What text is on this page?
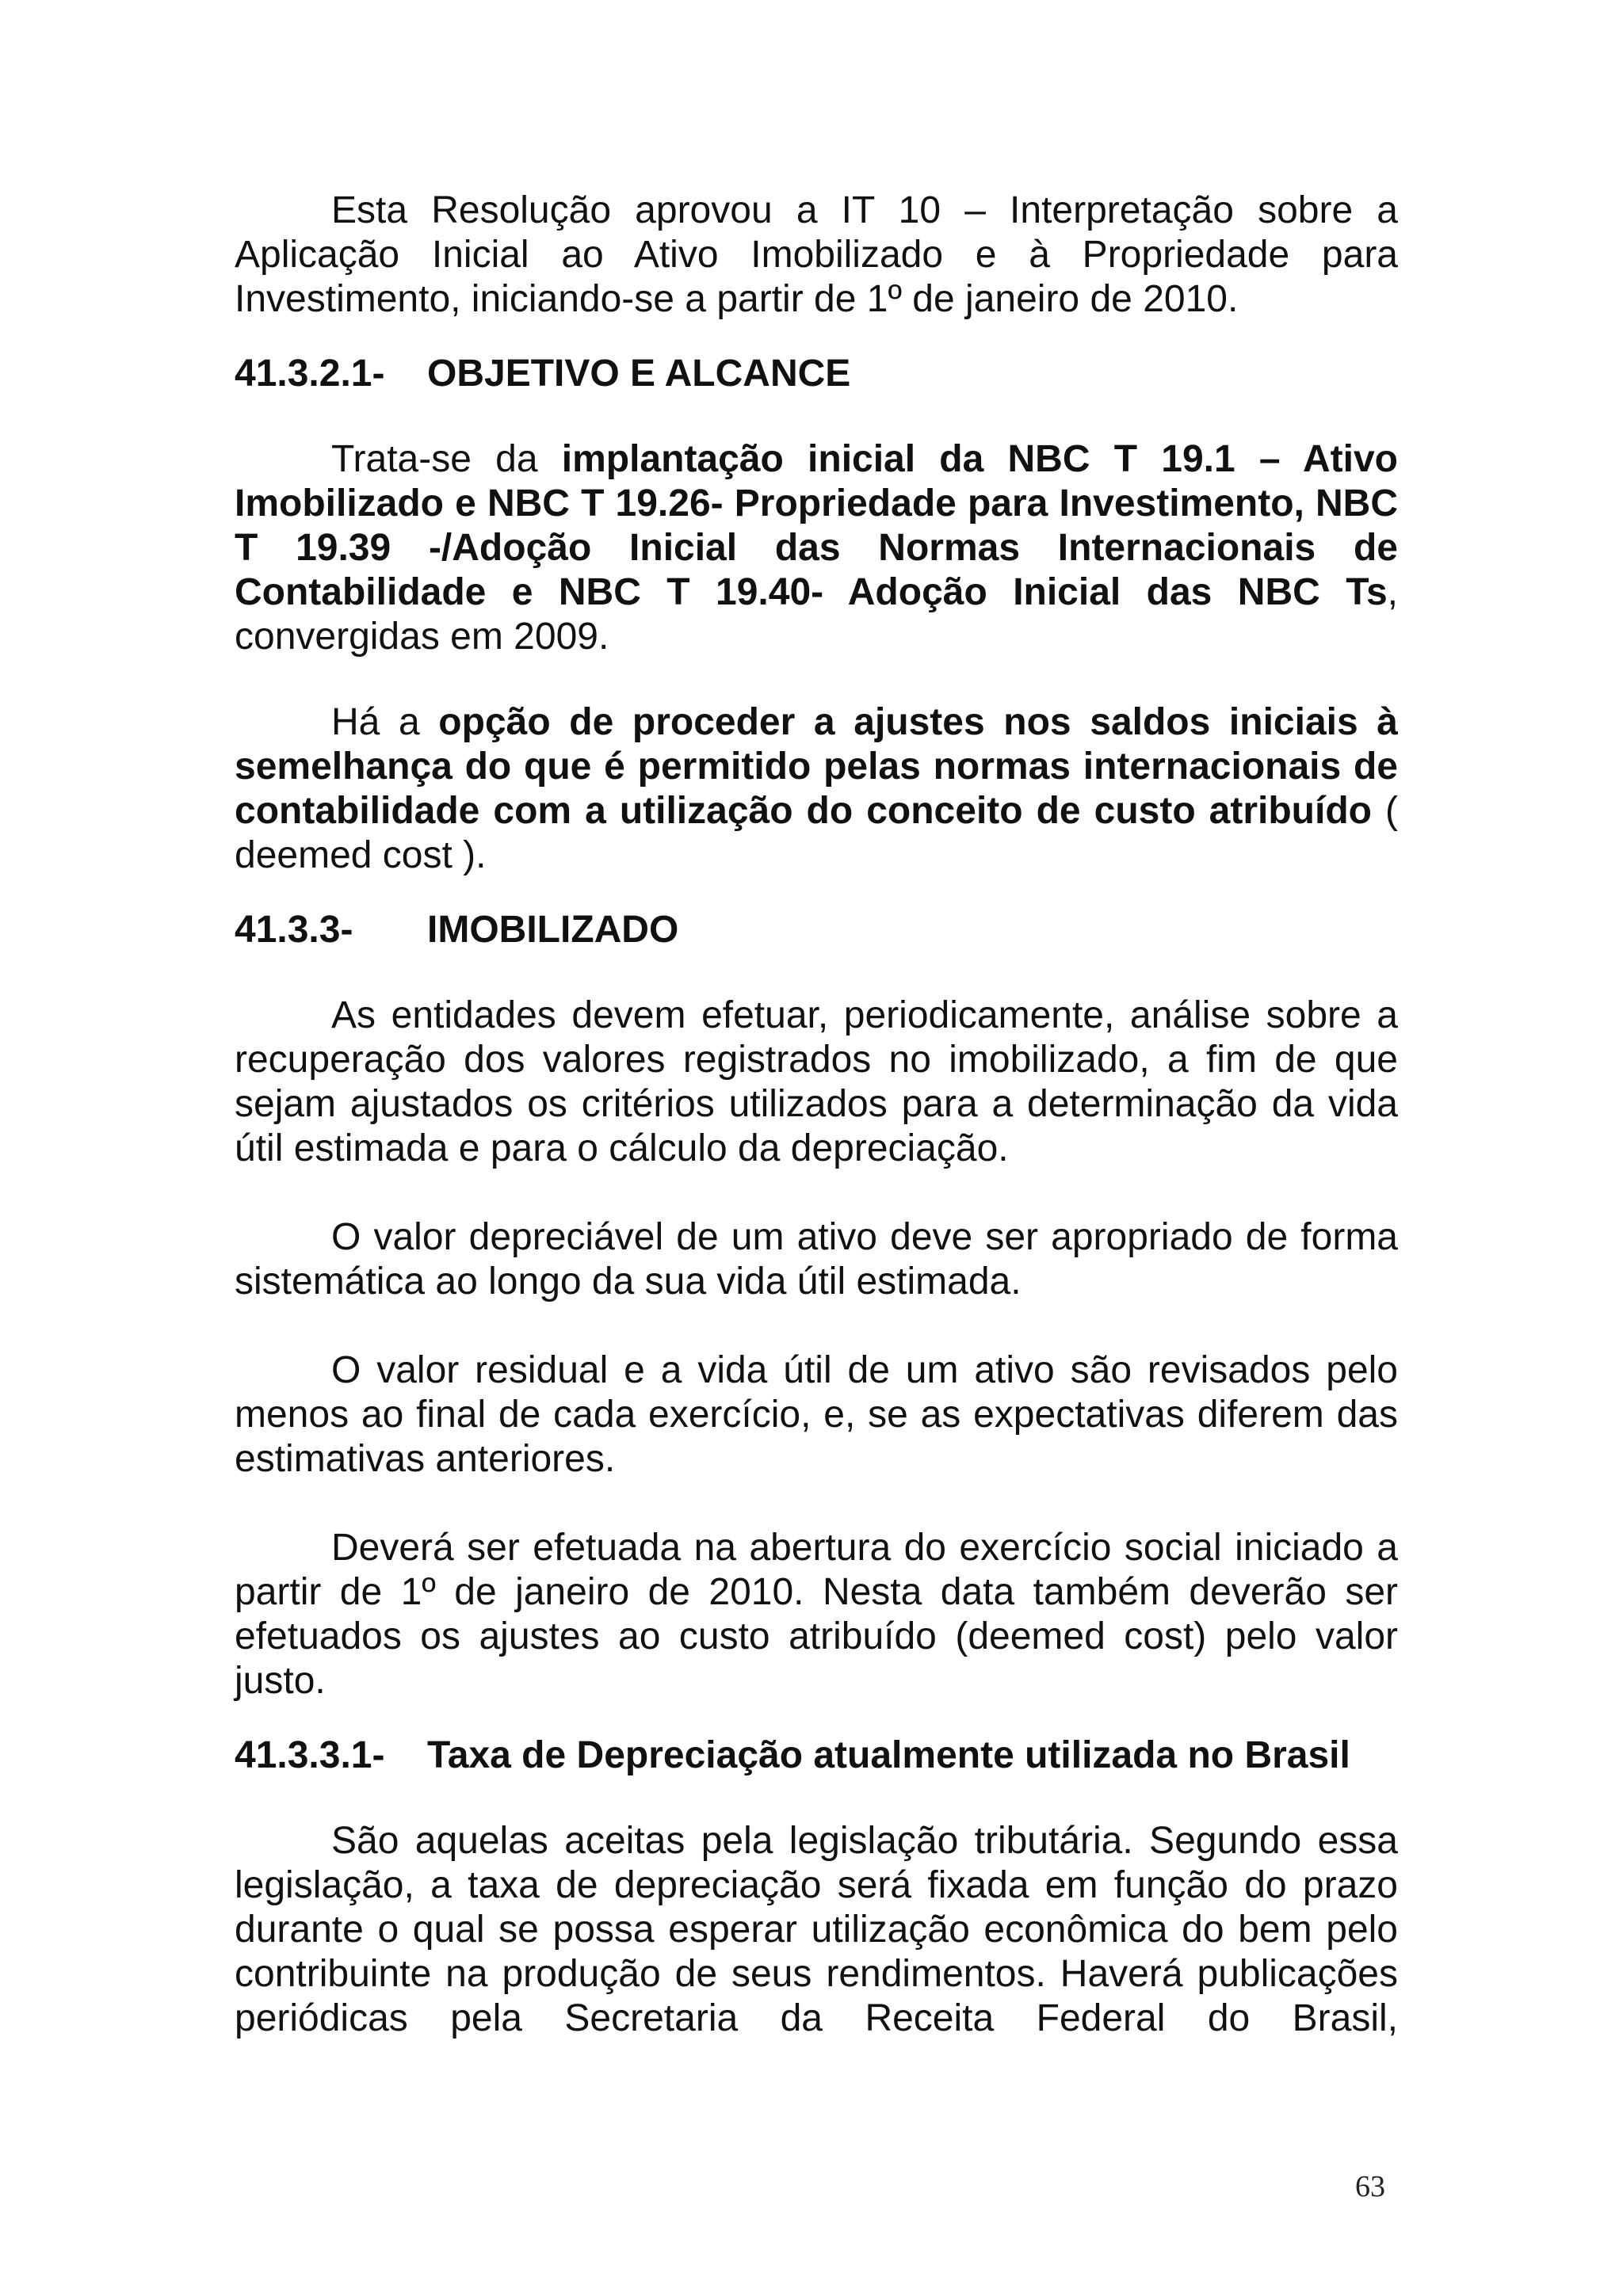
Esta Resolução aprovou a IT 10 – Interpretação sobre a Aplicação Inicial ao Ativo Imobilizado e à Propriedade para Investimento, iniciando-se a partir de 1º de janeiro de 2010.

41.3.2.1-	OBJETIVO E ALCANCE

Trata-se da implantação inicial da NBC T 19.1 – Ativo Imobilizado e NBC T 19.26- Propriedade para Investimento, NBC T 19.39 -/Adoção Inicial das Normas Internacionais de Contabilidade e NBC T 19.40- Adoção Inicial das NBC Ts, convergidas em 2009.

Há a opção de proceder a ajustes nos saldos iniciais à semelhança do que é permitido pelas normas internacionais de contabilidade com a utilização do conceito de custo atribuído ( deemed cost ).

41.3.3-	IMOBILIZADO

As entidades devem efetuar, periodicamente, análise sobre a recuperação dos valores registrados no imobilizado, a fim de que sejam ajustados os critérios utilizados para a determinação da vida útil estimada e para o cálculo da depreciação.

O valor depreciável de um ativo deve ser apropriado de forma sistemática ao longo da sua vida útil estimada.

O valor residual e a vida útil de um ativo são revisados pelo menos ao final de cada exercício, e, se as expectativas diferem das estimativas anteriores.

Deverá ser efetuada na abertura do exercício social iniciado a partir de 1º de janeiro de 2010. Nesta data também deverão ser efetuados os ajustes ao custo atribuído (deemed cost) pelo valor justo.

41.3.3.1-	Taxa de Depreciação atualmente utilizada no Brasil

São aquelas aceitas pela legislação tributária. Segundo essa legislação, a taxa de depreciação será fixada em função do prazo durante o qual se possa esperar utilização econômica do bem pelo contribuinte na produção de seus rendimentos. Haverá publicações periódicas pela Secretaria da Receita Federal do Brasil,

63
